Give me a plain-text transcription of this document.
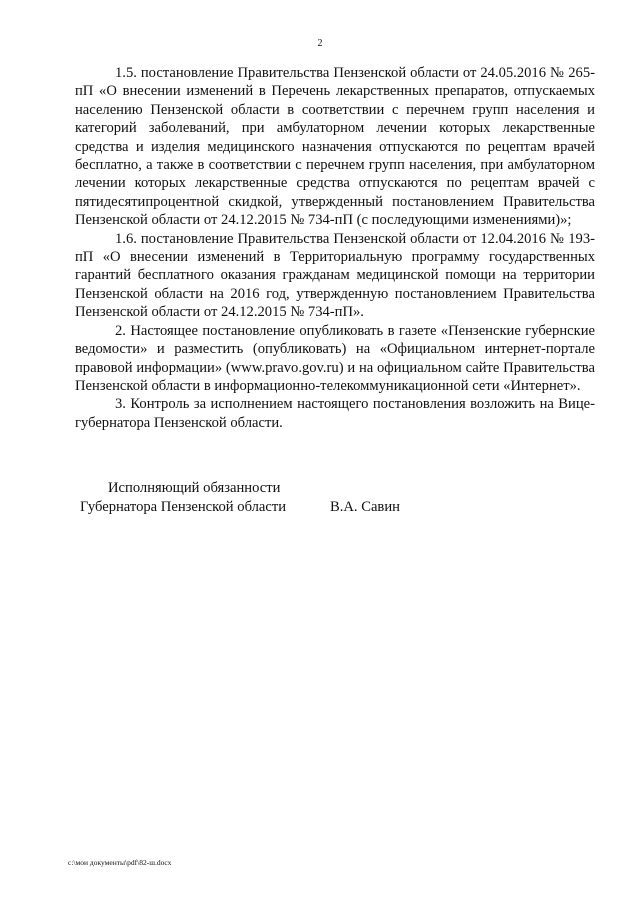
2

1.5. постановление Правительства Пензенской области от 24.05.2016 № 265-пП «О внесении изменений в Перечень лекарственных препаратов, отпускаемых населению Пензенской области в соответствии с перечнем групп населения и категорий заболеваний, при амбулаторном лечении которых лекарственные средства и изделия медицинского назначения отпускаются по рецептам врачей бесплатно, а также в соответствии с перечнем групп населения, при амбулаторном лечении которых лекарственные средства отпускаются по рецептам врачей с пятидесятипроцентной скидкой, утвержденный постановлением Правительства Пензенской области от 24.12.2015 № 734-пП (с последующими изменениями)»;

1.6. постановление Правительства Пензенской области от 12.04.2016 № 193-пП «О внесении изменений в Территориальную программу государственных гарантий бесплатного оказания гражданам медицинской помощи на территории Пензенской области на 2016 год, утвержденную постановлением Правительства Пензенской области от 24.12.2015 № 734-пП».

2. Настоящее постановление опубликовать в газете «Пензенские губернские ведомости» и разместить (опубликовать) на «Официальном интернет-портале правовой информации» (www.pravo.gov.ru) и на официальном сайте Правительства Пензенской области в информационно-телекоммуникационной сети «Интернет».

3. Контроль за исполнением настоящего постановления возложить на Вице-губернатора Пензенской области.

Исполняющий обязанности
Губернатора Пензенской области	В.А. Савин
c:\мои документы\pdf\82-ш.docx
